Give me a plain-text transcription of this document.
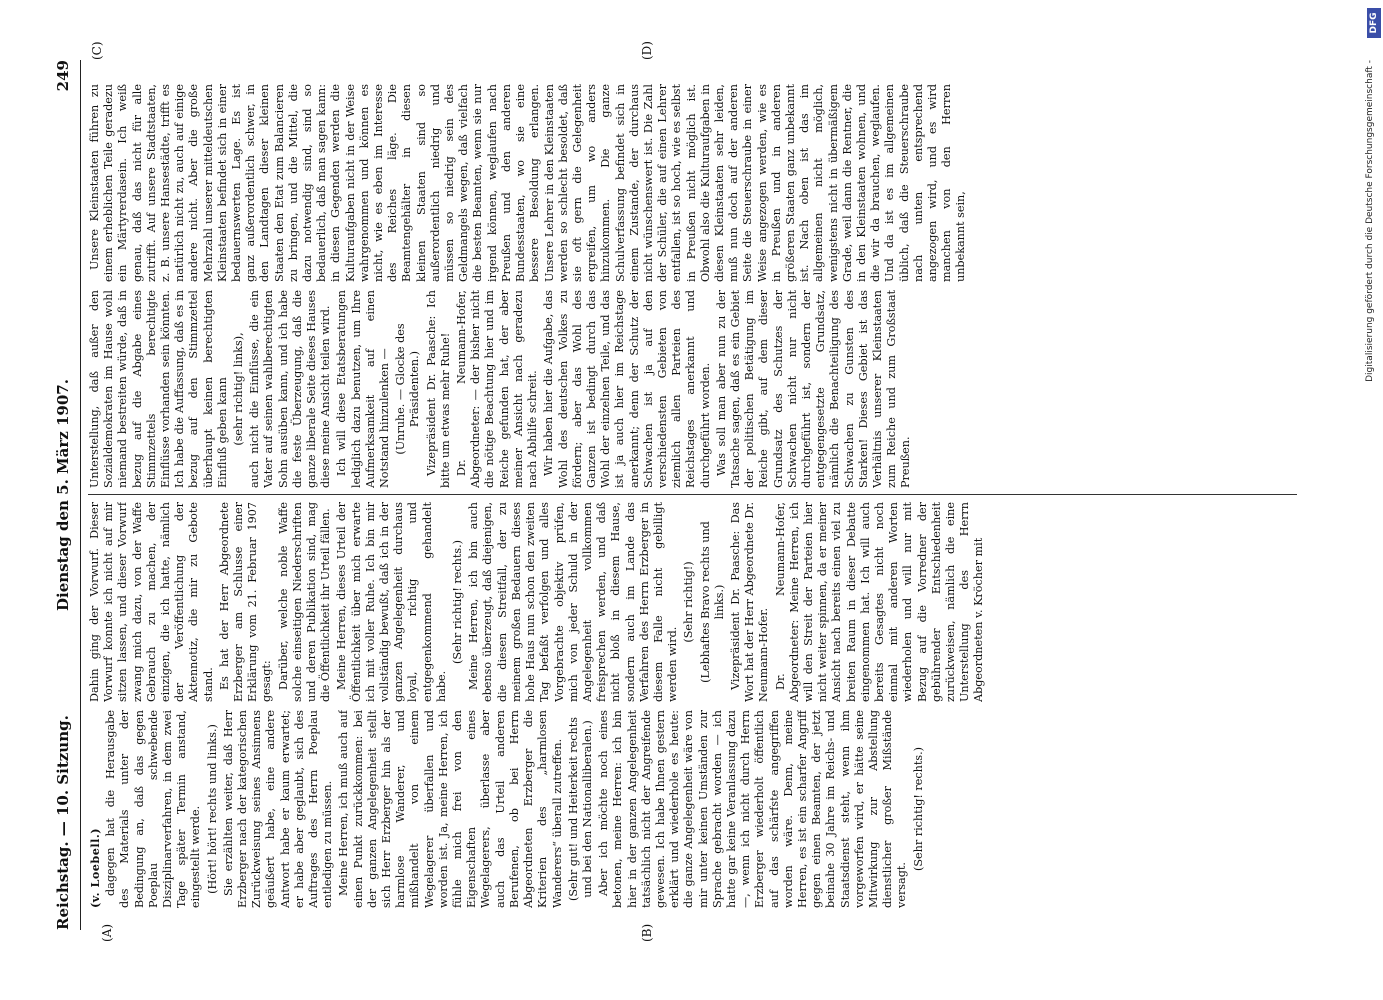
Reichstag. — 10. Sitzung.
Dienstag den 5. März 1907.
249
(A)	(B)
(C)	(D)

(v. Loebell.) dagegen hat die Herausgabe des Materials unter der Bedingung an, daß das gegen Poeplau schwebende Disziplinarverfahren, in dem zwei Tage später Termin anstand, eingestellt werde. (Hört! hört! rechts und links.) Sie erzählten weiter, daß Herr Erzberger nach der kategorischen Zurückweisung seines Ansinnens geäußert habe, eine andere Antwort habe er kaum erwartet; er habe aber geglaubt, sich des Auftrages des Herrn Poeplau entledigen zu müssen. Meine Herren, ich muß auch auf einen Punkt zurückkommen: bei der ganzen Angelegenheit stellt sich Herr Erzberger hin als der harmlose Wanderer, und mißhandelt von einem Wegelagerer überfallen und worden ist. Ja, meine Herren, ich fühle mich frei von den Eigenschaften eines Wegelagerers, überlasse aber auch das Urteil anderen Berufenen, ob bei Herrn Abgeordneten Erzberger die Kriterien des „harmlosen Wanderers“ überall zutreffen. (Sehr gut! und Heiterkeit rechts und bei den Nationalliberalen.) Aber ich möchte noch eines betonen, meine Herren: ich bin hier in der ganzen Angelegenheit tatsächlich nicht der Angreifende gewesen. Ich habe Ihnen gestern erklärt und wiederhole es heute: die ganze Angelegenheit wäre von mir unter keinen Umständen zur Sprache gebracht worden — ich hatte gar keine Veranlassung dazu —, wenn ich nicht durch Herrn Erzberger wiederholt öffentlich auf das schärfste angegriffen worden wäre. Denn, meine Herren, es ist ein scharfer Angriff gegen einen Beamten, der jetzt beinahe 30 Jahre im Reichs- und Staatsdienst steht, wenn ihm vorgeworfen wird, er hätte seine Mitwirkung zur Abstellung dienstlicher großer Mißstände versagt.

(Sehr richtig! rechts.)

Dahin ging der Vorwurf. Dieser Vorwurf konnte ich nicht auf mir sitzen lassen, und dieser Vorwurf zwang mich dazu, von der Waffe Gebrauch zu machen, der einzigen, die ich hatte, nämlich der Veröffentlichung der Aktennotiz, die mir zu Gebote stand. Es hat der Herr Abgeordnete Erzberger am Schlusse einer Erklärung vom 21. Februar 1907 gesagt: Darüber, welche noble Waffe solche einseitigen Niederschriften und deren Publikation sind, mag die Öffentlichkeit ihr Urteil fällen. Meine Herren, dieses Urteil der Öffentlichkeit über mich erwarte ich mit voller Ruhe. Ich bin mir vollständig bewußt, daß ich in der ganzen Angelegenheit durchaus loyal, richtig und entgegenkommend gehandelt habe.

(Sehr richtig! rechts.) Meine Herren, ich bin auch ebenso überzeugt, daß diejenigen, die diesen Streitfall, der zu meinem großen Bedauern dieses hohe Haus nun schon den zweiten Tag befaßt verfolgen und alles Vorgebrachte objektiv prüfen, mich von jeder Schuld in der Angelegenheit vollkommen freisprechen werden, und daß nicht bloß in diesem Hause, sondern auch im Lande das Verfahren des Herrn Erzberger in diesem Falle nicht gebilligt werden wird.

(Sehr richtig!) (Lebhaftes Bravo rechts und links.) Vizepräsident Dr. Paasche: Das Wort hat der Herr Abgeordnete Dr. Neumann-Hofer. Dr. Neumann-Hofer, Abgeordneter: Meine Herren, ich will den Streit der Parteien hier nicht weiter spinnen, da er meiner Ansicht nach bereits einen viel zu breiten Raum in dieser Debatte eingenommen hat. Ich will auch bereits Gesagtes nicht noch einmal mit anderen Worten wiederholen und will nur mit Bezug auf die Vorredner der gebührender Entschiedenheit zurückweisen, nämlich die eine Unterstellung des Herrn Abgeordneten v. Kröcher mit

Unterstellung, daß außer den Sozialdemokraten im Hause wohl niemand bestreiten würde, daß in bezug auf die Abgabe eines Stimmzettels berechtigte Einflüsse vorhanden sein könnten. Ich habe die Auffassung, daß es in bezug auf den Stimmzettel überhaupt keinen berechtigten Einfluß geben kann (sehr richtig! links), auch nicht die Einflüsse, die ein Vater auf seinen wahlberechtigten Sohn ausüben kann, und ich habe die feste Überzeugung, daß die ganze liberale Seite dieses Hauses diese meine Ansicht teilen wird. Ich will diese Etatsberatungen lediglich dazu benutzen, um Ihre Aufmerksamkeit auf einen Notstand hinzulenken — (Unruhe. — Glocke des Präsidenten.) Vizepräsident Dr. Paasche: Ich bitte um etwas mehr Ruhe! Dr. Neumann-Hofer, Abgeordneter: — der bisher nicht die nötige Beachtung hier und im Reiche gefunden hat, der aber meiner Ansicht nach geradezu nach Abhilfe schreit. Wir haben hier die Aufgabe, das Wohl des deutschen Volkes zu fördern; aber das Wohl des Ganzen ist bedingt durch das Wohl der einzelnen Teile, und das ist ja auch hier im Reichstage anerkannt; denn der Schutz der Schwachen ist ja auf den verschiedensten Gebieten von ziemlich allen Parteien des Reichstages anerkannt und durchgeführt worden. Was soll man aber nun zu der Tatsache sagen, daß es ein Gebiet der politischen Betätigung im Reiche gibt, auf dem dieser Grundsatz des Schutzes der Schwachen nicht nur nicht durchgeführt ist, sondern der entgegengesetzte Grundsatz, nämlich die Benachteiligung des Schwachen zu Gunsten des Starken! Dieses Gebiet ist das Verhältnis unserer Kleinstaaten zum Reiche und zum Großstaat Preußen.

Unsere Kleinstaaten führen zu einem erheblichen Teile geradezu ein Märtyrerdasein. Ich weiß genau, daß das nicht für alle zutrifft. Auf unsere Stadtstaaten, z. B. unsere Hansestädte, trifft es natürlich nicht zu, auch auf einige andere nicht. Aber die große Mehrzahl unserer mitteldeutschen Kleinstaaten befindet sich in einer bedauernswerten Lage. Es ist ganz außerordentlich schwer, in den Landtagen dieser kleinen Staaten den Etat zum Balancieren zu bringen, und die Mittel, die dazu notwendig sind, sind so bedauerlich, daß man sagen kann: in diesen Gegenden werden die Kulturaufgaben nicht in der Weise wahrgenommen und können es nicht, wie es eben im Interesse des Reiches läge. Die Beamtengehälter in diesen kleinen Staaten sind so außerordentlich niedrig und müssen so niedrig sein des Geldmangels wegen, daß vielfach die besten Beamten, wenn sie nur irgend können, weglaufen nach Preußen und den anderen Bundesstaaten, wo sie eine bessere Besoldung erlangen. Unsere Lehrer in den Kleinstaaten werden so schlecht besoldet, daß sie oft gern die Gelegenheit ergreifen, um wo anders hinzukommen. Die ganze Schulverfassung befindet sich in einem Zustande, der durchaus nicht wünschenswert ist. Die Zahl der Schüler, die auf einen Lehrer entfallen, ist so hoch, wie es selbst in Preußen nicht möglich ist. Obwohl also die Kulturaufgaben in diesen Kleinstaaten sehr leiden, muß nun doch auf der anderen Seite die Steuerschraube in einer Weise angezogen werden, wie es in Preußen und in anderen größeren Staaten ganz unbekannt ist. Nach oben ist das im allgemeinen nicht möglich, wenigstens nicht in übermäßigem Grade, weil dann die Rentner, die in den Kleinstaaten wohnen, und die wir da brauchen, weglaufen. Und da ist es im allgemeinen üblich, daß die Steuerschraube nach unten entsprechend angezogen wird, und es wird manchen von den Herren unbekannt sein,	Digitalisierung gefördert durch die Deutsche Forschungsgemeinschaft -
DFG
